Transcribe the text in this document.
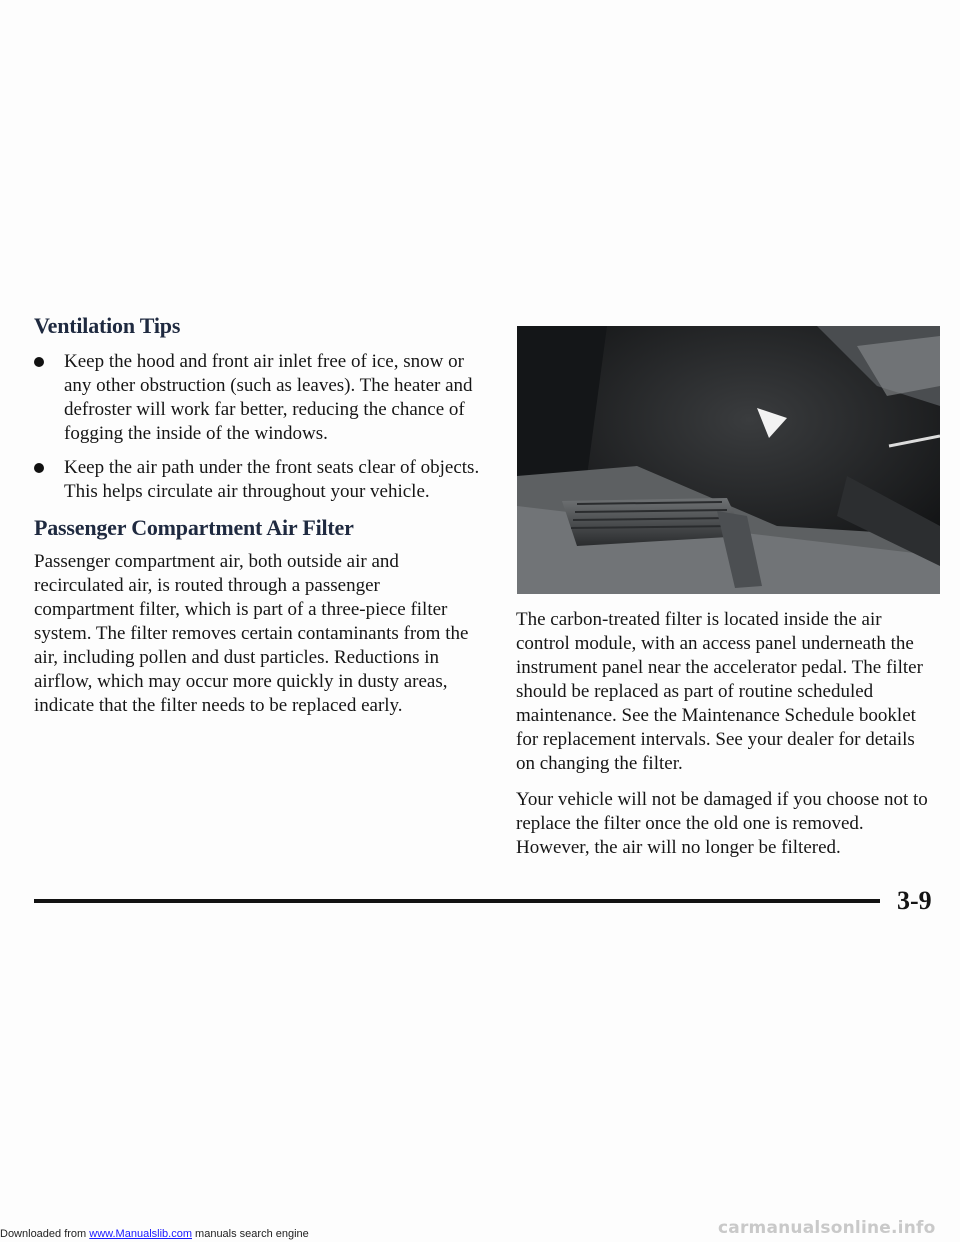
Ventilation Tips
Keep the hood and front air inlet free of ice, snow or any other obstruction (such as leaves). The heater and defroster will work far better, reducing the chance of fogging the inside of the windows.
Keep the air path under the front seats clear of objects. This helps circulate air throughout your vehicle.
Passenger Compartment Air Filter

Passenger compartment air, both outside air and recirculated air, is routed through a passenger compartment filter, which is part of a three-piece filter system. The filter removes certain contaminants from the air, including pollen and dust particles. Reductions in airflow, which may occur more quickly in dusty areas, indicate that the filter needs to be replaced early.

The carbon-treated filter is located inside the air control module, with an access panel underneath the instrument panel near the accelerator pedal. The filter should be replaced as part of routine scheduled maintenance. See the Maintenance Schedule booklet for replacement intervals. See your dealer for details on changing the filter.

Your vehicle will not be damaged if you choose not to replace the filter once the old one is removed. However, the air will no longer be filtered.

3-9
Downloaded from www.Manualslib.com manuals search engine	carmanualsonline.info
